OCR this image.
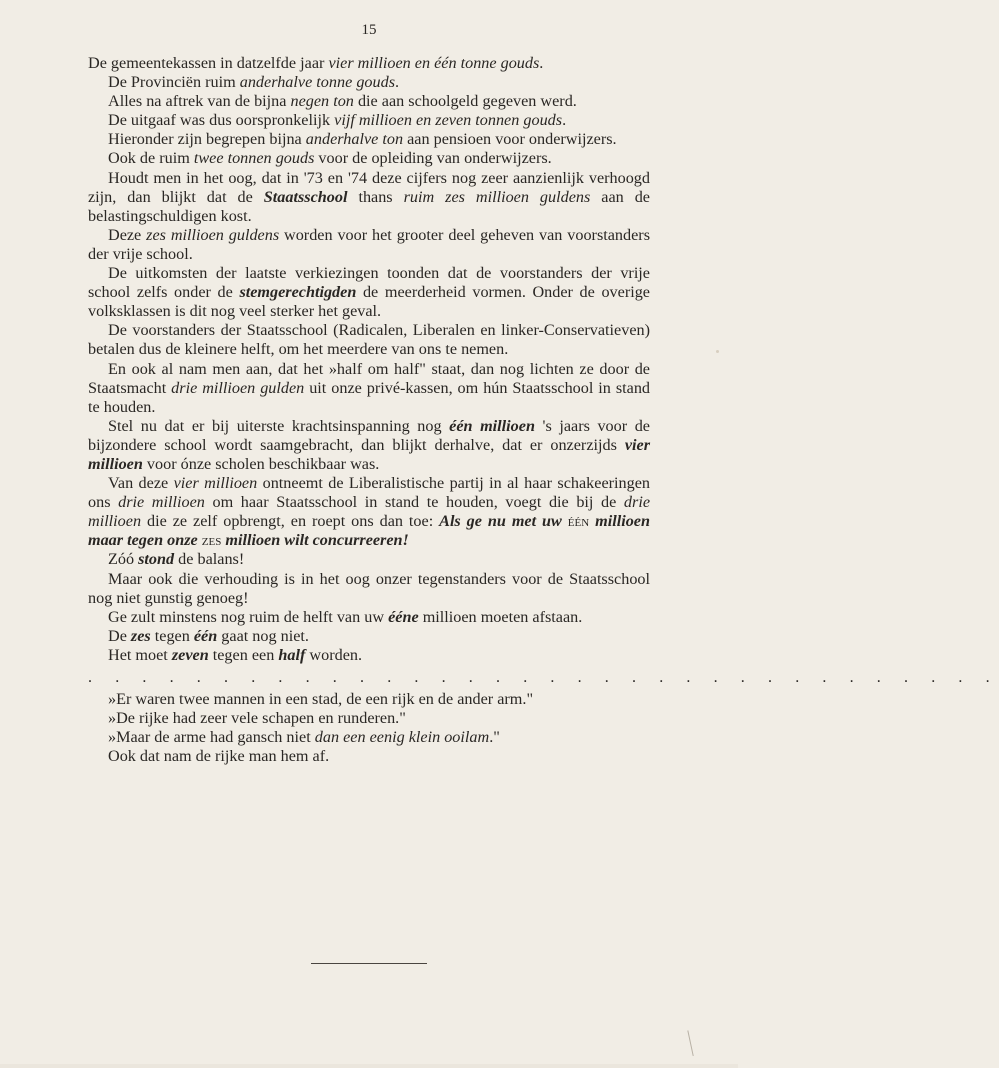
15

De gemeentekassen in datzelfde jaar vier millioen en één tonne gouds.

De Provinciën ruim anderhalve tonne gouds.

Alles na aftrek van de bijna negen ton die aan schoolgeld gegeven werd.

De uitgaaf was dus oorspronkelijk vijf millioen en zeven tonnen gouds.

Hieronder zijn begrepen bijna anderhalve ton aan pensioen voor onderwijzers.

Ook de ruim twee tonnen gouds voor de opleiding van onderwijzers.

Houdt men in het oog, dat in '73 en '74 deze cijfers nog zeer aanzienlijk verhoogd zijn, dan blijkt dat de Staatsschool thans ruim zes millioen guldens aan de belastingschuldigen kost.

Deze zes millioen guldens worden voor het grooter deel geheven van voorstanders der vrije school.

De uitkomsten der laatste verkiezingen toonden dat de voorstanders der vrije school zelfs onder de stemgerechtigden de meerderheid vormen. Onder de overige volksklassen is dit nog veel sterker het geval.

De voorstanders der Staatsschool (Radicalen, Liberalen en linker-Conservatieven) betalen dus de kleinere helft, om het meerdere van ons te nemen.

En ook al nam men aan, dat het »half om half" staat, dan nog lichten ze door de Staatsmacht drie millioen gulden uit onze privé-kassen, om hún Staatsschool in stand te houden.

Stel nu dat er bij uiterste krachtsinspanning nog één millioen 's jaars voor de bijzondere school wordt saamgebracht, dan blijkt derhalve, dat er onzerzijds vier millioen voor ónze scholen beschikbaar was.

Van deze vier millioen ontneemt de Liberalistische partij in al haar schakeeringen ons drie millioen om haar Staatsschool in stand te houden, voegt die bij de drie millioen die ze zelf opbrengt, en roept ons dan toe: Als ge nu met uw één millioen maar tegen onze zes millioen wilt concurreeren!

Zóó stond de balans!

Maar ook die verhouding is in het oog onzer tegenstanders voor de Staatsschool nog niet gunstig genoeg!

Ge zult minstens nog ruim de helft van uw ééne millioen moeten afstaan.

De zes tegen één gaat nog niet.

Het moet zeven tegen een half worden.

. . . . . . . . . . . . . . . . . . . . . . . . . . . . . . . . . .

»Er waren twee mannen in een stad, de een rijk en de ander arm."

»De rijke had zeer vele schapen en runderen."

»Maar de arme had gansch niet dan een eenig klein ooilam."

Ook dat nam de rijke man hem af.
